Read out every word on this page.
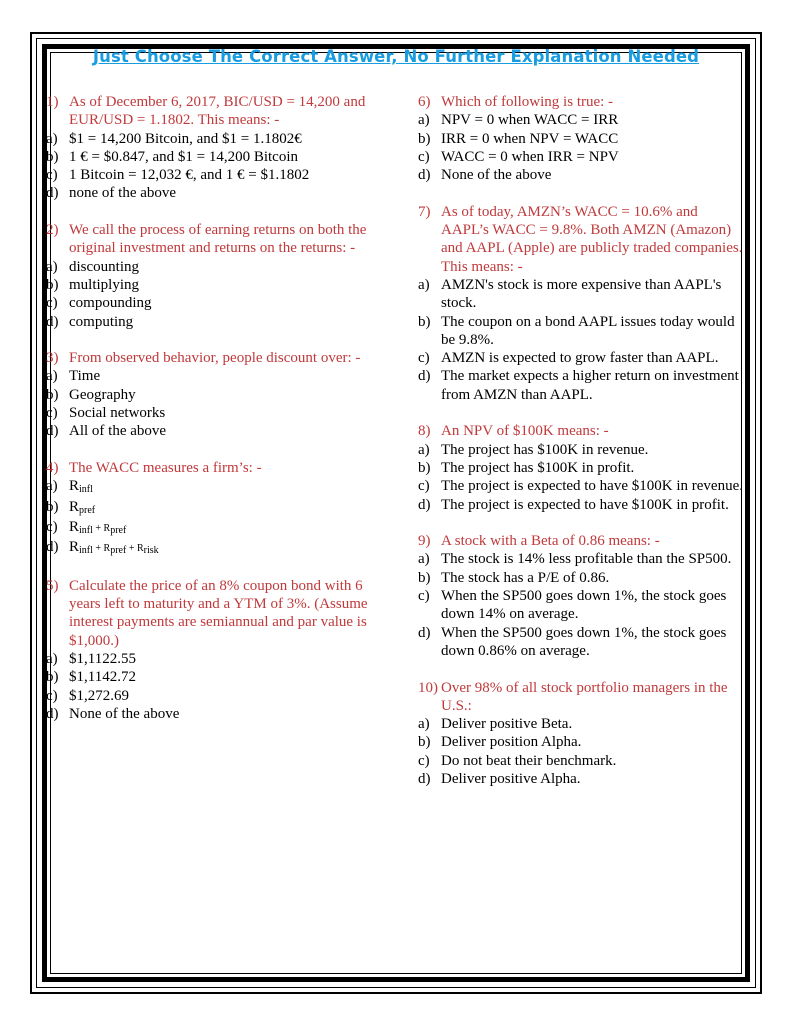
Just Choose The Correct Answer, No Further Explanation Needed
1) As of December 6, 2017, BIC/USD = 14,200 and EUR/USD = 1.1802. This means: -
a) $1 = 14,200 Bitcoin, and $1 = 1.1802€
b) 1 € = $0.847, and $1 = 14,200 Bitcoin
c) 1 Bitcoin = 12,032 €, and 1 € = $1.1802
d) none of the above
2) We call the process of earning returns on both the original investment and returns on the returns: -
a) discounting
b) multiplying
c) compounding
d) computing
3) From observed behavior, people discount over: -
a) Time
b) Geography
c) Social networks
d) All of the above
4) The WACC measures a firm’s: -
a) Rinfl
b) Rpref
c) Rinfl + Rpref
d) Rinfl + Rpref + Rrisk
5) Calculate the price of an 8% coupon bond with 6 years left to maturity and a YTM of 3%. (Assume interest payments are semiannual and par value is $1,000.)
a) $1,1122.55
b) $1,1142.72
c) $1,272.69
d) None of the above
6) Which of following is true: -
a) NPV = 0 when WACC = IRR
b) IRR = 0 when NPV = WACC
c) WACC = 0 when IRR = NPV
d) None of the above
7) As of today, AMZN’s WACC = 10.6% and AAPL’s WACC = 9.8%. Both AMZN (Amazon) and AAPL (Apple) are publicly traded companies. This means: -
a) AMZN's stock is more expensive than AAPL's stock.
b) The coupon on a bond AAPL issues today would be 9.8%.
c) AMZN is expected to grow faster than AAPL.
d) The market expects a higher return on investment from AMZN than AAPL.
8) An NPV of $100K means: -
a) The project has $100K in revenue.
b) The project has $100K in profit.
c) The project is expected to have $100K in revenue.
d) The project is expected to have $100K in profit.
9) A stock with a Beta of 0.86 means: -
a) The stock is 14% less profitable than the SP500.
b) The stock has a P/E of 0.86.
c) When the SP500 goes down 1%, the stock goes down 14% on average.
d) When the SP500 goes down 1%, the stock goes down 0.86% on average.
10) Over 98% of all stock portfolio managers in the U.S.:
a) Deliver positive Beta.
b) Deliver position Alpha.
c) Do not beat their benchmark.
d) Deliver positive Alpha.
